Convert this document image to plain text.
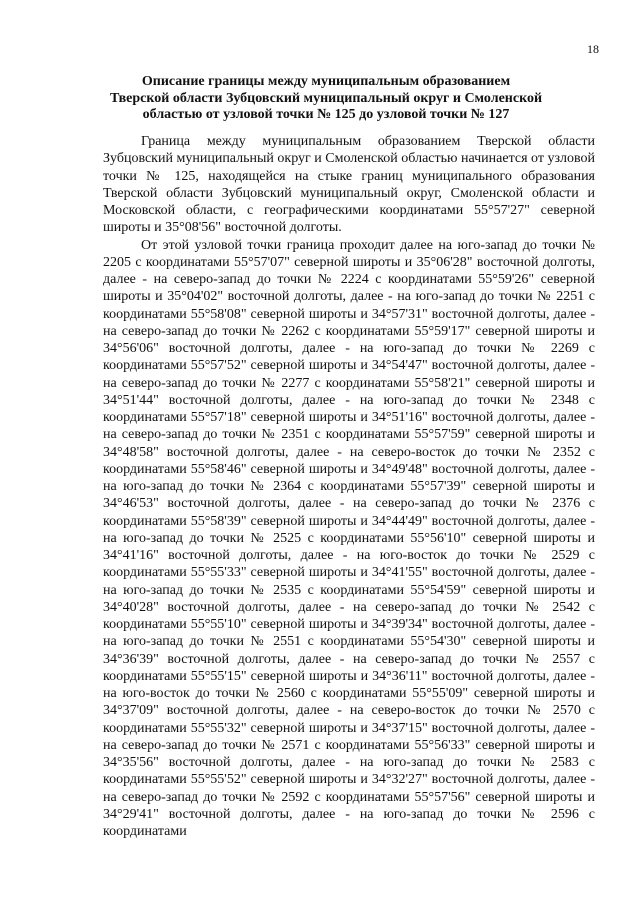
18
Описание границы между муниципальным образованием
Тверской области Зубцовский муниципальный округ и Смоленской
областью от узловой точки № 125 до узловой точки № 127

Граница между муниципальным образованием Тверской области Зубцовский муниципальный округ и Смоленской областью начинается от узловой точки № 125, находящейся на стыке границ муниципального образования Тверской области Зубцовский муниципальный округ, Смоленской области и Московской области, с географическими координатами 55°57'27" северной широты и 35°08'56" восточной долготы.

От этой узловой точки граница проходит далее на юго-запад до точки № 2205 с координатами 55°57'07" северной широты и 35°06'28" восточной долготы, далее - на северо-запад до точки № 2224 с координатами 55°59'26" северной широты и 35°04'02" восточной долготы, далее - на юго-запад до точки № 2251 с координатами 55°58'08" северной широты и 34°57'31" восточной долготы, далее - на северо-запад до точки № 2262 с координатами 55°59'17" северной широты и 34°56'06" восточной долготы, далее - на юго-запад до точки № 2269 с координатами 55°57'52" северной широты и 34°54'47" восточной долготы, далее - на северо-запад до точки № 2277 с координатами 55°58'21" северной широты и 34°51'44" восточной долготы, далее - на юго-запад до точки № 2348 с координатами 55°57'18" северной широты и 34°51'16" восточной долготы, далее - на северо-запад до точки № 2351 с координатами 55°57'59" северной широты и 34°48'58" восточной долготы, далее - на северо-восток до точки № 2352 с координатами 55°58'46" северной широты и 34°49'48" восточной долготы, далее - на юго-запад до точки № 2364 с координатами 55°57'39" северной широты и 34°46'53" восточной долготы, далее - на северо-запад до точки № 2376 с координатами 55°58'39" северной широты и 34°44'49" восточной долготы, далее - на юго-запад до точки № 2525 с координатами 55°56'10" северной широты и 34°41'16" восточной долготы, далее - на юго-восток до точки № 2529 с координатами 55°55'33" северной широты и 34°41'55" восточной долготы, далее - на юго-запад до точки № 2535 с координатами 55°54'59" северной широты и 34°40'28" восточной долготы, далее - на северо-запад до точки № 2542 с координатами 55°55'10" северной широты и 34°39'34" восточной долготы, далее - на юго-запад до точки № 2551 с координатами 55°54'30" северной широты и 34°36'39" восточной долготы, далее - на северо-запад до точки № 2557 с координатами 55°55'15" северной широты и 34°36'11" восточной долготы, далее - на юго-восток до точки № 2560 с координатами 55°55'09" северной широты и 34°37'09" восточной долготы, далее - на северо-восток до точки № 2570 с координатами 55°55'32" северной широты и 34°37'15" восточной долготы, далее - на северо-запад до точки № 2571 с координатами 55°56'33" северной широты и 34°35'56" восточной долготы, далее - на юго-запад до точки № 2583 с координатами 55°55'52" северной широты и 34°32'27" восточной долготы, далее - на северо-запад до точки № 2592 с координатами 55°57'56" северной широты и 34°29'41" восточной долготы, далее - на юго-запад до точки № 2596 с координатами
